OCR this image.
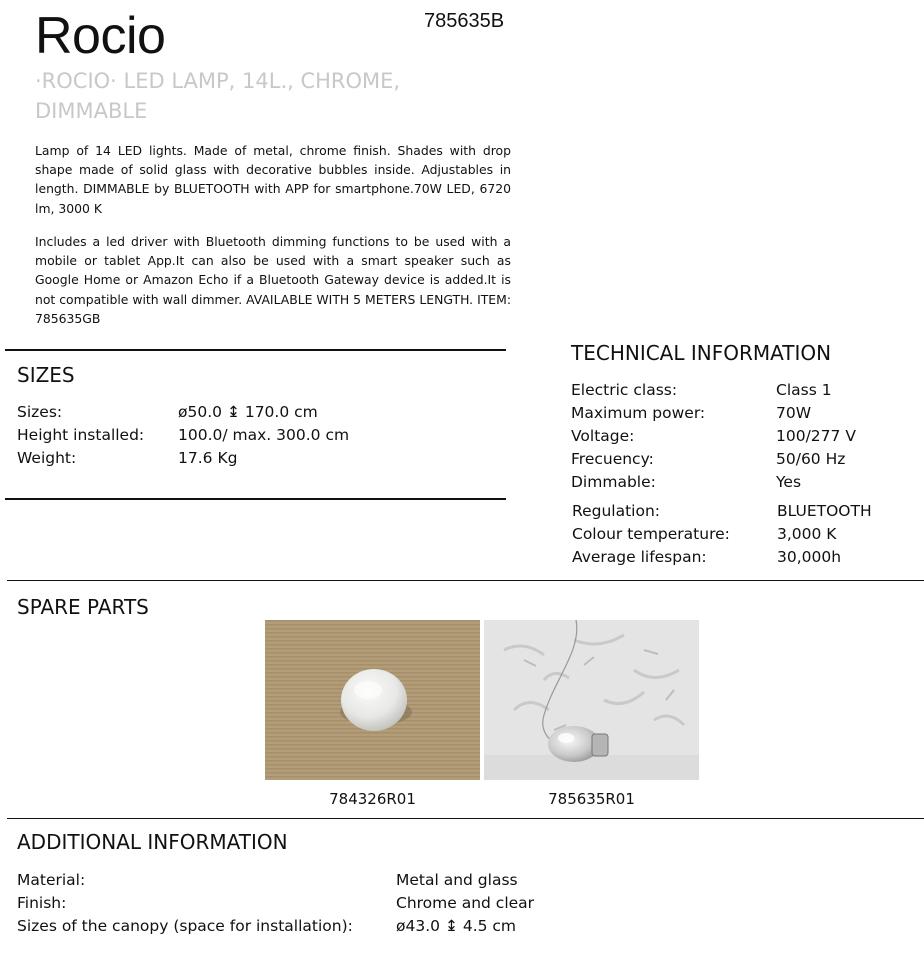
Rocio	785635B
·ROCIO· LED LAMP, 14L., CHROME, DIMMABLE
Lamp of 14 LED lights. Made of metal, chrome finish. Shades with drop shape made of solid glass with decorative bubbles inside. Adjustables in length. DIMMABLE by BLUETOOTH with APP for smartphone.70W LED, 6720 lm, 3000 K
Includes a led driver with Bluetooth dimming functions to be used with a mobile or tablet App.It can also be used with a smart speaker such as Google Home or Amazon Echo if a Bluetooth Gateway device is added.It is not compatible with wall dimmer. AVAILABLE WITH 5 METERS LENGTH. ITEM: 785635GB
SIZES
Sizes:	ø50.0 ↨ 170.0 cm
Height installed: 100.0/ max. 300.0 cm
Weight:	17.6 Kg
TECHNICAL INFORMATION
Electric class:	Class 1
Maximum power:	70W
Voltage:	100/277 V
Frecuency:	50/60 Hz
Dimmable:	Yes
Regulation:	BLUETOOTH
Colour temperature:	3,000 K
Average lifespan:	30,000h
SPARE PARTS
784326R01	785635R01
ADDITIONAL INFORMATION
Material:	Metal and glass
Finish:	Chrome and clear
Sizes of the canopy (space for installation):	ø43.0 ↨ 4.5 cm
